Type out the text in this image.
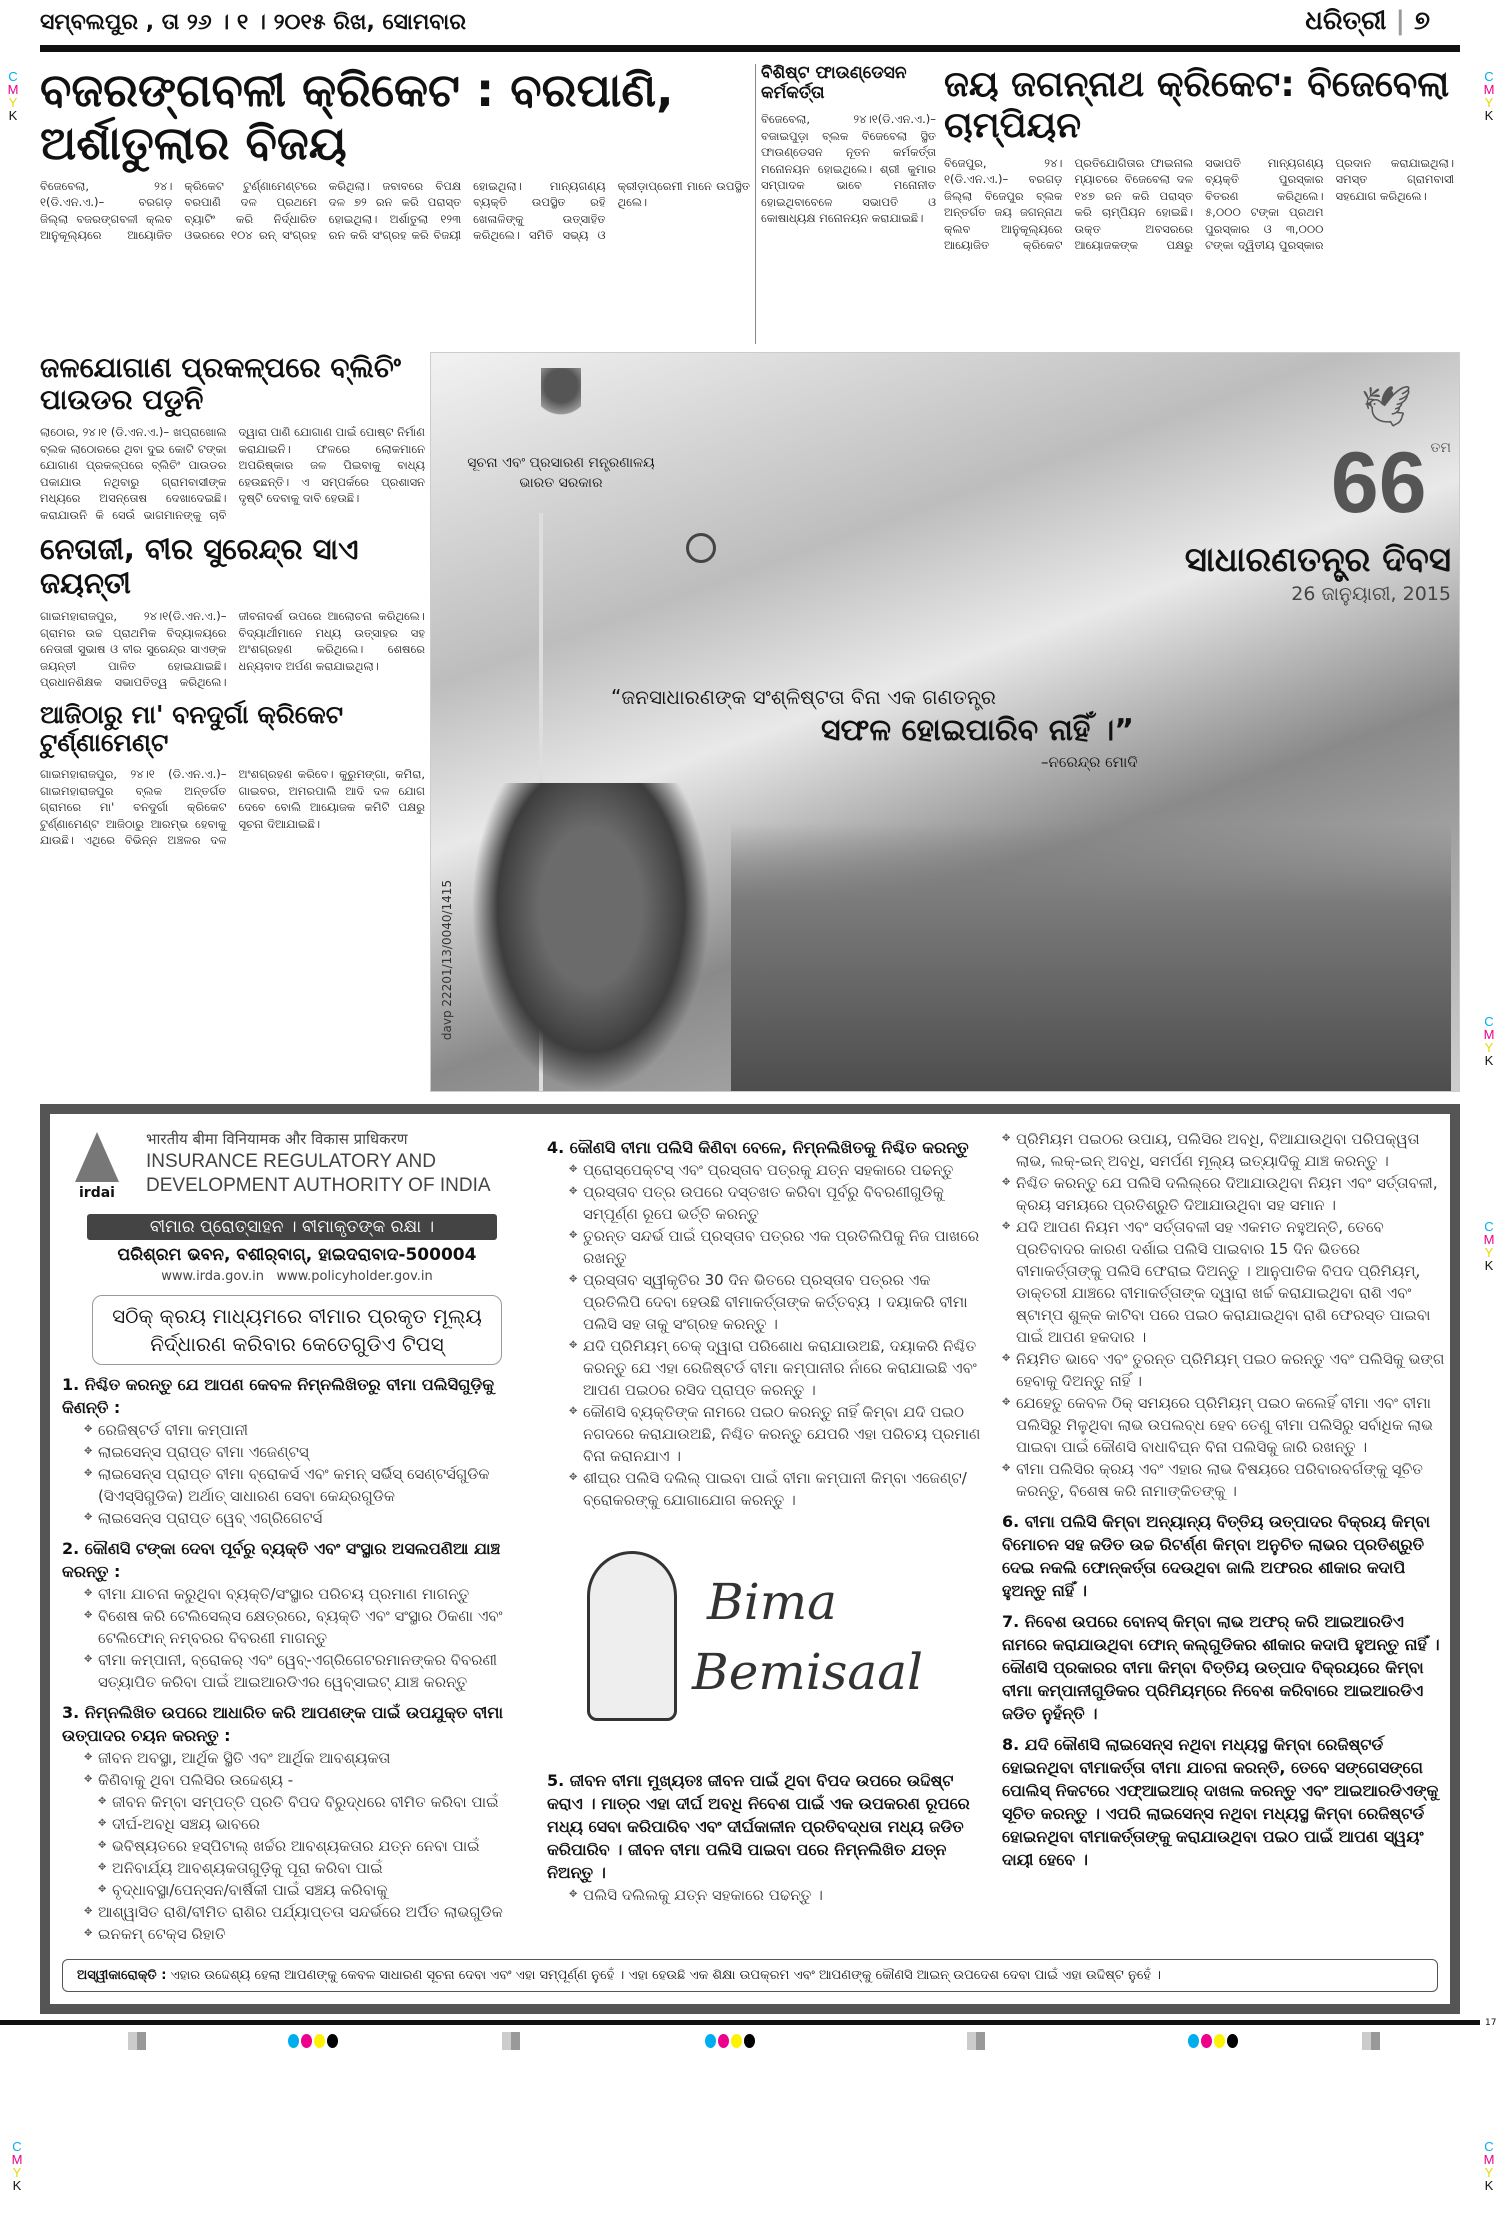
C
M
Y
K
C
M
Y
K
C
M
Y
K
C
M
Y
K
C
M
Y
K
C
M
Y
K
ସମ୍ବଲପୁର , ତା ୨୬ । ୧ । ୨୦୧୫ ରିଖ, ସୋମବାର	ଧରିତ୍ରୀ | ୭
ବଜରଙ୍ଗବଳୀ କ୍ରିକେଟ : ବରପାଣି, ଅର୍ଶାତୁଲାର ବିଜୟ
ବିଜେବେଲା, ୨୪।୧(ଡି.ଏନ.ଏ.)– ବରଗଡ଼ ଜିଲ୍ଲା ବଜରଙ୍ଗବଳୀ କ୍ଲବ ଆନୁକୂଲ୍ୟରେ ଆୟୋଜିତ କ୍ରିକେଟ ଟୁର୍ଣ୍ଣାମେଣ୍ଟରେ ବରପାଣି ଦଳ ପ୍ରଥମେ ବ୍ୟାଟିଂ କରି ନିର୍ଦ୍ଧାରିତ ଓଭରରେ ୧୦୪ ରନ୍ ସଂଗ୍ରହ କରିଥିଲା। ଜବାବରେ ବିପକ୍ଷ ଦଳ ୭୨ ରନ କରି ପରାସ୍ତ ହୋଇଥିଲା। ଅର୍ଶାତୁଲା ୧୨୩ ରନ କରି ସଂଗ୍ରହ କରି ବିଜୟୀ ହୋଇଥିଲା। ମାନ୍ୟଗଣ୍ୟ ବ୍ୟକ୍ତି ଉପସ୍ଥିତ ରହି ଖେଳାଳିଙ୍କୁ ଉତ୍ସାହିତ କରିଥିଲେ। ସମିତି ସଭ୍ୟ ଓ କ୍ରୀଡ଼ାପ୍ରେମୀ ମାନେ ଉପସ୍ଥିତ ଥିଲେ।
ବିଶିଷ୍ଟ ଫାଉଣ୍ଡେସନ କର୍ମକର୍ତ୍ତା
ବିଜେବେଲା, ୨୪।୧(ଡି.ଏନ.ଏ.)– ବଜାଇପୁଡ଼ା ବ୍ଲକ ବିଜେବେଲା ସ୍ଥିତ ଫାଉଣ୍ଡେସନ ନୂତନ କର୍ମକର୍ତ୍ତା ମନୋନୟନ ହୋଇଥିଲେ। ଶ୍ରୀ କୁମାର ସମ୍ପାଦକ ଭାବେ ମନୋନୀତ ହୋଇଥିବାବେଳେ ସଭାପତି ଓ କୋଷାଧ୍ୟକ୍ଷ ମନୋନୟନ କରାଯାଇଛି।
ଜୟ ଜଗନ୍ନାଥ କ୍ରିକେଟ: ବିଜେବେଲା ଚାମ୍ପିୟନ
ବିଜେପୁର, ୨୪।୧(ଡି.ଏନ.ଏ.)– ବରଗଡ଼ ଜିଲ୍ଲା ବିଜେପୁର ବ୍ଲକ ଅନ୍ତର୍ଗତ ଜୟ ଜଗନ୍ନାଥ କ୍ଲବ ଆନୁକୂଲ୍ୟରେ ଆୟୋଜିତ କ୍ରିକେଟ ପ୍ରତିଯୋଗିତାର ଫାଇନାଲ ମ୍ୟାଚରେ ବିଜେବେଲା ଦଳ ୧୪୭ ରନ କରି ପରାସ୍ତ କରି ଚାମ୍ପିୟନ ହୋଇଛି। ଉକ୍ତ ଅବସରରେ ଆୟୋଜକଙ୍କ ପକ୍ଷରୁ ସଭାପତି ମାନ୍ୟଗଣ୍ୟ ବ୍ୟକ୍ତି ପୁରସ୍କାର ବିତରଣ କରିଥିଲେ। ୫,୦୦୦ ଟଙ୍କା ପ୍ରଥମ ପୁରସ୍କାର ଓ ୩,୦୦୦ ଟଙ୍କା ଦ୍ୱିତୀୟ ପୁରସ୍କାର ପ୍ରଦାନ କରାଯାଇଥିଲା। ସମସ୍ତ ଗ୍ରାମବାସୀ ସହଯୋଗ କରିଥିଲେ।
ଜଳଯୋଗାଣ ପ୍ରକଳ୍ପରେ ବ୍ଲିଚିଂ ପାଉଡର ପଡୁନି
ଲାଠୋର, ୨୪।୧ (ଡି.ଏନ.ଏ.)– ଖପ୍ରାଖୋଲ ବ୍ଲକ ଲାଠୋରରେ ଥିବା ଦୁଇ କୋଟି ଟଙ୍କା ଯୋଗାଣ ପ୍ରକଳ୍ପରେ ବ୍ଲିଚିଂ ପାଉଡର ପକାଯାଉ ନଥିବାରୁ ଗ୍ରାମବାସୀଙ୍କ ମଧ୍ୟରେ ଅସନ୍ତୋଷ ଦେଖାଦେଇଛି। କରାଯାଉନି କି ସେଉଁ ଭାଗମାନଙ୍କୁ ଚାବି ଦ୍ୱାରା ପାଣି ଯୋଗାଣ ପାଇଁ ପୋଷ୍ଟ ନିର୍ମାଣ କରାଯାଇନି। ଫଳରେ ଲୋକମାନେ ଅପରିଷ୍କାର ଜଳ ପିଇବାକୁ ବାଧ୍ୟ ହେଉଛନ୍ତି। ଏ ସମ୍ପର୍କରେ ପ୍ରଶାସନ ଦୃଷ୍ଟି ଦେବାକୁ ଦାବି ହେଉଛି।
ନେତାଜୀ, ବୀର ସୁରେନ୍ଦ୍ର ସାଏ ଜୟନ୍ତୀ
ଗାଇମହାରାଜପୁର, ୨୪।୧(ଡି.ଏନ.ଏ.)– ଗ୍ରାମର ଉଚ୍ଚ ପ୍ରାଥମିକ ବିଦ୍ୟାଳୟରେ ନେତାଜୀ ସୁଭାଷ ଓ ବୀର ସୁରେନ୍ଦ୍ର ସାଏଙ୍କ ଜୟନ୍ତୀ ପାଳିତ ହୋଇଯାଇଛି। ପ୍ରଧାନଶିକ୍ଷକ ସଭାପତିତ୍ୱ କରିଥିଲେ। ଜୀବନାଦର୍ଶ ଉପରେ ଆଲୋଚନା କରିଥିଲେ। ବିଦ୍ୟାର୍ଥୀମାନେ ମଧ୍ୟ ଉତ୍ସାହର ସହ ଅଂଶଗ୍ରହଣ କରିଥିଲେ। ଶେଷରେ ଧନ୍ୟବାଦ ଅର୍ପଣ କରାଯାଇଥିଲା।
ଆଜିଠାରୁ ମା' ବନଦୁର୍ଗା କ୍ରିକେଟ ଟୁର୍ଣ୍ଣାମେଣ୍ଟ
ଗାଇମହାରାଜପୁର, ୨୪।୧ (ଡି.ଏନ.ଏ.)– ଗାଇମହାରାଜପୁର ବ୍ଲକ ଅନ୍ତର୍ଗତ ଗ୍ରାମରେ ମା' ବନଦୁର୍ଗା କ୍ରିକେଟ ଟୁର୍ଣ୍ଣାମେଣ୍ଟ ଆଜିଠାରୁ ଆରମ୍ଭ ହେବାକୁ ଯାଉଛି। ଏଥିରେ ବିଭିନ୍ନ ଅଞ୍ଚଳର ଦଳ ଅଂଶଗ୍ରହଣ କରିବେ। କୁରୁମଙ୍ଗା, କମିରା, ଗାଇବର, ଅମରପାଲି ଆଦି ଦଳ ଯୋଗ ଦେବେ ବୋଲି ଆୟୋଜକ କମିଟି ପକ୍ଷରୁ ସୂଚନା ଦିଆଯାଇଛି।
ସୂଚନା ଏବଂ ପ୍ରସାରଣ ମନ୍ତ୍ରଣାଳୟ
ଭାରତ ସରକାର
🕊
66 ତମ
ସାଧାରଣତନ୍ତ୍ର ଦିବସ
26 ଜାନୁୟାରୀ, 2015
“ଜନସାଧାରଣଙ୍କ ସଂଶ୍ଳିଷ୍ଟତା ବିନା ଏକ ଗଣତନ୍ତ୍ର
ସଫଳ ହୋଇପାରିବ ନାହିଁ ।”
–ନରେନ୍ଦ୍ର ମୋଦି
davp 22201/13/0040/1415
irdai
भारतीय बीमा विनियामक और विकास प्राधिकरण
INSURANCE REGULATORY AND
DEVELOPMENT AUTHORITY OF INDIA
ବୀମାର ପ୍ରୋତ୍ସାହନ । ବୀମାକୃତଙ୍କ ରକ୍ଷା ।
ପରିଶ୍ରମ ଭବନ, ବଶୀର୍‌ବାଗ୍, ହାଇଦରାବାଦ-500004
www.irda.gov.in www.policyholder.gov.in
ସଠିକ୍ କ୍ରୟ ମାଧ୍ୟମରେ ବୀମାର ପ୍ରକୃତ ମୂଲ୍ୟ ନିର୍ଦ୍ଧାରଣ କରିବାର କେତେଗୁଡିଏ ଟିପସ୍
1. ନିଶ୍ଚିତ କରନ୍ତୁ ଯେ ଆପଣ କେବଳ ନିମ୍ନଲିଖିତରୁ ବୀମା ପଲିସିଗୁଡ଼ିକୁ କିଣନ୍ତି :
✥ ରେଜିଷ୍ଟର୍ଡ ବୀମା କମ୍ପାନୀ
✥ ଲାଇସେନ୍ସ ପ୍ରାପ୍ତ ବୀମା ଏଜେଣ୍ଟସ୍
✥ ଲାଇସେନ୍ସ ପ୍ରାପ୍ତ ବୀମା ବ୍ରୋକର୍ସ ଏବଂ କମନ୍ ସର୍ଭିସ୍ ସେଣ୍ଟର୍ସଗୁଡିକ (ସିଏସ୍‌ସିଗୁଡିକ) ଅର୍ଥାତ୍ ସାଧାରଣ ସେବା କେନ୍ଦ୍ରଗୁଡିକ
✥ ଲାଇସେନ୍ସ ପ୍ରାପ୍ତ ୱେବ୍ ଏଗ୍ରିଗେଟର୍ସ
2. କୌଣସି ଟଙ୍କା ଦେବା ପୂର୍ବରୁ ବ୍ୟକ୍ତି ଏବଂ ସଂସ୍ଥାର ଅସଲପଣିଆ ଯାଞ୍ଚ କରନ୍ତୁ :
✥ ବୀମା ଯାଚନା କରୁଥିବା ବ୍ୟକ୍ତି/ସଂସ୍ଥାର ପରିଚୟ ପ୍ରମାଣ ମାଗନ୍ତୁ
✥ ବିଶେଷ କରି ଟେଲିସେଲ୍ସ କ୍ଷେତ୍ରରେ, ବ୍ୟକ୍ତି ଏବଂ ସଂସ୍ଥାର ଠିକଣା ଏବଂ ଟେଲିଫୋନ୍ ନମ୍ବରର ବିବରଣୀ ମାଗନ୍ତୁ
✥ ବୀମା କମ୍ପାନୀ, ବ୍ରୋକର୍ ଏବଂ ୱେବ୍-ଏଗ୍ରିଗେଟରମାନଙ୍କର ବିବରଣୀ ସତ୍ୟାପିତ କରିବା ପାଇଁ ଆଇଆରଡିଏର ୱେବ୍‌ସାଇଟ୍ ଯାଞ୍ଚ କରନ୍ତୁ
3. ନିମ୍ନଲିଖିତ ଉପରେ ଆଧାରିତ କରି ଆପଣଙ୍କ ପାଇଁ ଉପଯୁକ୍ତ ବୀମା ଉତ୍ପାଦର ଚୟନ କରନ୍ତୁ :
✥ ଜୀବନ ଅବସ୍ଥା, ଆର୍ଥିକ ସ୍ଥିତି ଏବଂ ଆର୍ଥିକ ଆବଶ୍ୟକତା
✥ କିଣିବାକୁ ଥିବା ପଲିସିର ଉଦ୍ଦେଶ୍ୟ -
✥ ଜୀବନ କିମ୍ବା ସମ୍ପତ୍ତି ପ୍ରତି ବିପଦ ବିରୁଦ୍ଧରେ ବୀମିତ କରିବା ପାଇଁ
✥ ଦୀର୍ଘ-ଅବଧି ସଞ୍ଚୟ ଭାବରେ
✥ ଭବିଷ୍ୟତରେ ହସ୍ପିଟାଲ୍ ଖର୍ଚ୍ଚର ଆବଶ୍ୟକତାର ଯତ୍ନ ନେବା ପାଇଁ
✥ ଅନିବାର୍ଯ୍ୟ ଆବଶ୍ୟକତାଗୁଡ଼ିକୁ ପୂରା କରିବା ପାଇଁ
✥ ବୃଦ୍ଧାବସ୍ଥା/ପେନ୍‌ସନ/ବାର୍ଷିକୀ ପାଇଁ ସଞ୍ଚୟ କରିବାକୁ
✥ ଆଶ୍ୱାସିତ ରାଶି/ବୀମିତ ରାଶିର ପର୍ଯ୍ୟାପ୍ତତା ସନ୍ଦର୍ଭରେ ଅର୍ପିତ ଲାଭଗୁଡିକ
✥ ଇନକମ୍ ଟେକ୍ସ ରିହାତି
4. କୌଣସି ବୀମା ପଲିସି କିଣିବା ବେଳେ, ନିମ୍ନଲିଖିତକୁ ନିଶ୍ଚିତ କରନ୍ତୁ
✥ ପ୍ରୋସ୍ପେକ୍ଟସ୍ ଏବଂ ପ୍ରସ୍ତାବ ପତ୍ରକୁ ଯତ୍ନ ସହକାରେ ପଢନ୍ତୁ
✥ ପ୍ରସ୍ତାବ ପତ୍ର ଉପରେ ଦସ୍ତଖତ କରିବା ପୂର୍ବରୁ ବିବରଣୀଗୁଡିକୁ ସମ୍ପୂର୍ଣ୍ଣ ରୂପେ ଭର୍ତ୍ତି କରନ୍ତୁ
✥ ତୁରନ୍ତ ସନ୍ଦର୍ଭ ପାଇଁ ପ୍ରସ୍ତାବ ପତ୍ରର ଏକ ପ୍ରତିଲିପିକୁ ନିଜ ପାଖରେ ରଖନ୍ତୁ
✥ ପ୍ରସ୍ତାବ ସ୍ୱୀକୃତିର 30 ଦିନ ଭିତରେ ପ୍ରସ୍ତାବ ପତ୍ରର ଏକ ପ୍ରତିଲିପି ଦେବା ହେଉଛି ବୀମାକର୍ତ୍ତାଙ୍କ କର୍ତ୍ତବ୍ୟ । ଦୟାକରି ବୀମା ପଲିସି ସହ ତାକୁ ସଂଗ୍ରହ କରନ୍ତୁ ।
✥ ଯଦି ପ୍ରିମିୟମ୍ ଚେକ୍ ଦ୍ୱାରା ପରିଶୋଧ କରାଯାଉଅଛି, ଦୟାକରି ନିଶ୍ଚିତ କରନ୍ତୁ ଯେ ଏହା ରେଜିଷ୍ଟର୍ଡ ବୀମା କମ୍ପାନୀର ନାଁରେ କରାଯାଇଛି ଏବଂ ଆପଣ ପଇଠର ରସିଦ ପ୍ରାପ୍ତ କରନ୍ତୁ ।
✥ କୌଣସି ବ୍ୟକ୍ତିଙ୍କ ନାମରେ ପଇଠ କରନ୍ତୁ ନାହିଁ କିମ୍ବା ଯଦି ପଇଠ ନଗଦରେ କରାଯାଉଅଛି, ନିଶ୍ଚିତ କରନ୍ତୁ ଯେପରି ଏହା ପରିଚୟ ପ୍ରମାଣ ବିନା କରାନଯାଏ ।
✥ ଶୀଘ୍ର ପଲିସି ଦଲିଲ୍ ପାଇବା ପାଇଁ ବୀମା କମ୍ପାନୀ କିମ୍ବା ଏଜେଣ୍ଟ/ବ୍ରୋକରଙ୍କୁ ଯୋଗାଯୋଗ କରନ୍ତୁ ।
Bima
Bemisaal
5. ଜୀବନ ବୀମା ମୁଖ୍ୟତଃ ଜୀବନ ପାଇଁ ଥିବା ବିପଦ ଉପରେ ଉଦ୍ଦିଷ୍ଟ କରାଏ । ମାତ୍ର ଏହା ଦୀର୍ଘ ଅବଧି ନିବେଶ ପାଇଁ ଏକ ଉପକରଣ ରୂପରେ ମଧ୍ୟ ସେବା କରିପାରିବ ଏବଂ ଦୀର୍ଘକାଳୀନ ପ୍ରତିବଦ୍ଧତା ମଧ୍ୟ ଜଡିତ କରିପାରିବ । ଜୀବନ ବୀମା ପଲିସି ପାଇବା ପରେ ନିମ୍ନଲିଖିତ ଯତ୍ନ ନିଅନ୍ତୁ ।
✥ ପଲିସି ଦଲିଲକୁ ଯତ୍ନ ସହକାରେ ପଢନ୍ତୁ ।
✥ ପ୍ରିମିୟମ ପଇଠର ଉପାୟ, ପଲିସିର ଅବଧି, ବିଆଯାଉଥିବା ପରିପକ୍ୱତା ଲାଭ, ଲକ୍-ଇନ୍ ଅବଧି, ସମର୍ପଣ ମୂଲ୍ୟ ଇତ୍ୟାଦିକୁ ଯାଞ୍ଚ କରନ୍ତୁ ।
✥ ନିଶ୍ଚିତ କରନ୍ତୁ ଯେ ପଲିସି ଦଲିଲ୍‌ରେ ଦିଆଯାଉଥିବା ନିୟମ ଏବଂ ସର୍ତ୍ତାବଳୀ, କ୍ରୟ ସମୟରେ ପ୍ରତିଶ୍ରୁତି ଦିଆଯାଉଥିବା ସହ ସମାନ ।
✥ ଯଦି ଆପଣ ନିୟମ ଏବଂ ସର୍ତ୍ତାବଳୀ ସହ ଏକମତ ନହୁଅନ୍ତି, ତେବେ ପ୍ରତିବାଦର କାରଣ ଦର୍ଶାଇ ପଲିସି ପାଇବାର 15 ଦିନ ଭିତରେ ବୀମାକର୍ତ୍ତାଙ୍କୁ ପଲିସି ଫେରାଇ ଦିଅନ୍ତୁ । ଆନୁପାତିକ ବିପଦ ପ୍ରିମିୟମ୍, ଡାକ୍ତରୀ ଯାଞ୍ଚରେ ବୀମାକର୍ତ୍ତାଙ୍କ ଦ୍ୱାରା ଖର୍ଚ୍ଚ କରାଯାଇଥିବା ରାଶି ଏବଂ ଷ୍ଟାମ୍ପ ଶୁଳ୍କ କାଟିବା ପରେ ପଇଠ କରାଯାଇଥିବା ରାଶି ଫେରସ୍ତ ପାଇବା ପାଇଁ ଆପଣ ହକଦାର ।
✥ ନିୟମିତ ଭାବେ ଏବଂ ତୁରନ୍ତ ପ୍ରିମିୟମ୍ ପଇଠ କରନ୍ତୁ ଏବଂ ପଲିସିକୁ ଭଙ୍ଗ ହେବାକୁ ଦିଅନ୍ତୁ ନାହିଁ ।
✥ ଯେହେତୁ କେବଳ ଠିକ୍ ସମୟରେ ପ୍ରିମିୟମ୍ ପଇଠ କଲେହିଁ ବୀମା ଏବଂ ବୀମା ପଲିସିରୁ ମିଳୁଥିବା ଲାଭ ଉପଲବ୍ଧ ହେବ ତେଣୁ ବୀମା ପଲିସିରୁ ସର୍ବାଧିକ ଲାଭ ପାଇବା ପାଇଁ କୌଣସି ବାଧାବିଘ୍ନ ବିନା ପଲିସିକୁ ଜାରି ରଖନ୍ତୁ ।
✥ ବୀମା ପଲିସିର କ୍ରୟ ଏବଂ ଏହାର ଲାଭ ବିଷୟରେ ପରିବାରବର୍ଗଙ୍କୁ ସୂଚିତ କରନ୍ତୁ, ବିଶେଷ କରି ନାମାଙ୍କିତଙ୍କୁ ।
6. ବୀମା ପଲିସି କିମ୍ବା ଅନ୍ୟାନ୍ୟ ବିତ୍ତିୟ ଉତ୍ପାଦର ବିକ୍ରୟ କିମ୍ବା ବିମୋଚନ ସହ ଜଡିତ ଉଚ୍ଚ ରିଟର୍ଣ୍ଣ କିମ୍ବା ଅନୁଚିତ ଲାଭର ପ୍ରତିଶ୍ରୁତି ଦେଇ ନକଲି ଫୋନ୍‌କର୍ତ୍ତା ଦେଉଥିବା ଜାଲି ଅଫରର ଶୀକାର କଦାପି ହୁଅନ୍ତୁ ନାହିଁ ।
7. ନିବେଶ ଉପରେ ବୋନସ୍ କିମ୍ବା ଲାଭ ଅଫର୍ କରି ଆଇଆରଡିଏ ନାମରେ କରାଯାଉଥିବା ଫୋନ୍ କଲ୍‌ଗୁଡିକର ଶୀକାର କଦାପି ହୁଅନ୍ତୁ ନାହିଁ । କୌଣସି ପ୍ରକାରର ବୀମା କିମ୍ବା ବିତ୍ତିୟ ଉତ୍ପାଦ ବିକ୍ରୟରେ କିମ୍ବା ବୀମା କମ୍ପାନୀଗୁଡିକର ପ୍ରିମିୟମ୍‌ରେ ନିବେଶ କରିବାରେ ଆଇଆରଡିଏ ଜଡିତ ନୁହଁନ୍ତି ।
8. ଯଦି କୌଣସି ଲାଇସେନ୍ସ ନଥିବା ମଧ୍ୟସ୍ଥ କିମ୍ବା ରେଜିଷ୍ଟର୍ଡ ହୋଇନଥିବା ବୀମାକର୍ତ୍ତା ବୀମା ଯାଚନା କରନ୍ତି, ତେବେ ସଙ୍ଗେସଙ୍ଗେ ପୋଲିସ୍ ନିକଟରେ ଏଫ୍‌ଆଇଆର୍ ଦାଖଲ କରନ୍ତୁ ଏବଂ ଆଇଆରଡିଏଙ୍କୁ ସୂଚିତ କରନ୍ତୁ । ଏପରି ଲାଇସେନ୍ସ ନଥିବା ମଧ୍ୟସ୍ଥ କିମ୍ବା ରେଜିଷ୍ଟର୍ଡ ହୋଇନଥିବା ବୀମାକର୍ତ୍ତାଙ୍କୁ କରାଯାଉଥିବା ପଇଠ ପାଇଁ ଆପଣ ସ୍ୱୟଂ ଦାୟୀ ହେବେ ।
ଅସ୍ୱୀକାରୋକ୍ତି : ଏହାର ଉଦ୍ଦେଶ୍ୟ ହେଲା ଆପଣଙ୍କୁ କେବଳ ସାଧାରଣ ସୂଚନା ଦେବା ଏବଂ ଏହା ସମ୍ପୂର୍ଣ୍ଣ ନୁହେଁ । ଏହା ହେଉଛି ଏକ ଶିକ୍ଷା ଉପକ୍ରମ ଏବଂ ଆପଣଙ୍କୁ କୌଣସି ଆଇନ୍ ଉପଦେଶ ଦେବା ପାଇଁ ଏହା ଉଦ୍ଦିଷ୍ଟ ନୁହେଁ ।
17
